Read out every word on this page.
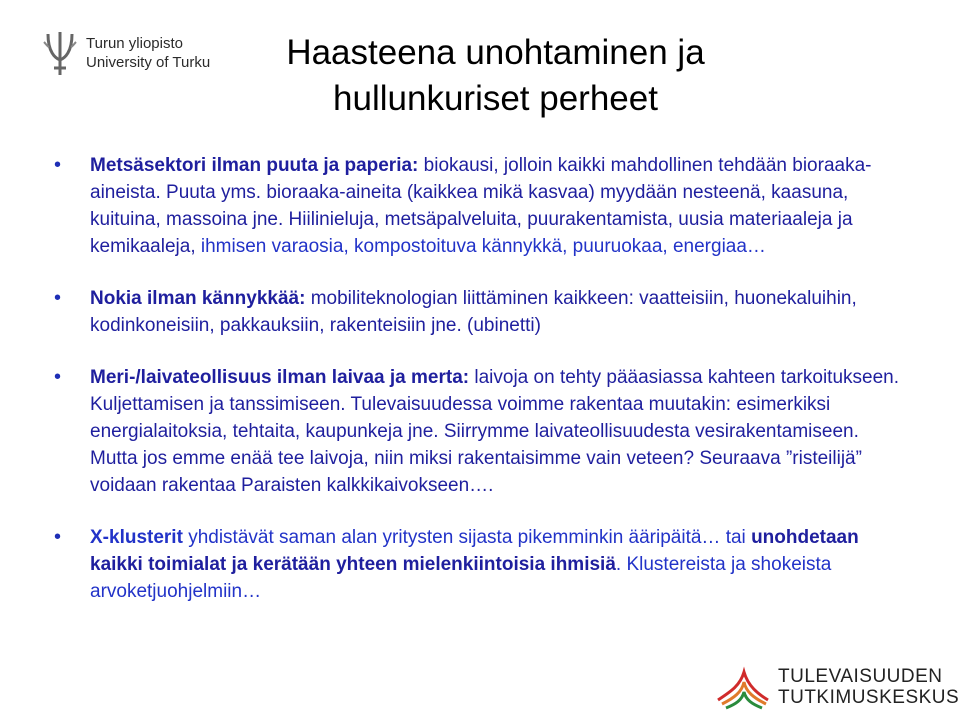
Turun yliopisto
University of Turku	Haasteena unohtaminen ja
hullunkuriset perheet
• Metsäsektori ilman puuta ja paperia: biokausi, jolloin kaikki mahdollinen tehdään bioraaka-aineista. Puuta yms. bioraaka-aineita (kaikkea mikä kasvaa) myydään nesteenä, kaasuna, kuituina, massoina jne. Hiilinieluja, metsäpalveluita, puurakentamista, uusia materiaaleja ja kemikaaleja, ihmisen varaosia, kompostoituva kännykkä, puuruokaa, energiaa…
• Nokia ilman kännykkää: mobiliteknologian liittäminen kaikkeen: vaatteisiin, huonekaluihin, kodinkoneisiin, pakkauksiin, rakenteisiin jne. (ubinetti)
• Meri-/laivateollisuus ilman laivaa ja merta: laivoja on tehty pääasiassa kahteen tarkoitukseen. Kuljettamisen ja tanssimiseen. Tulevaisuudessa voimme rakentaa muutakin: esimerkiksi energialaitoksia, tehtaita, kaupunkeja jne. Siirrymme laivateollisuudesta vesirakentamiseen. Mutta jos emme enää tee laivoja, niin miksi rakentaisimme vain veteen? Seuraava ”risteilijä” voidaan rakentaa Paraisten kalkkikaivokseen….
• X-klusterit yhdistävät saman alan yritysten sijasta pikemminkin ääripäitä… tai unohdetaan kaikki toimialat ja kerätään yhteen mielenkiintoisia ihmisiä. Klustereista ja shokeista arvoketjuohjelmiin…
TULEVAISUUDEN
TUTKIMUSKESKUS
